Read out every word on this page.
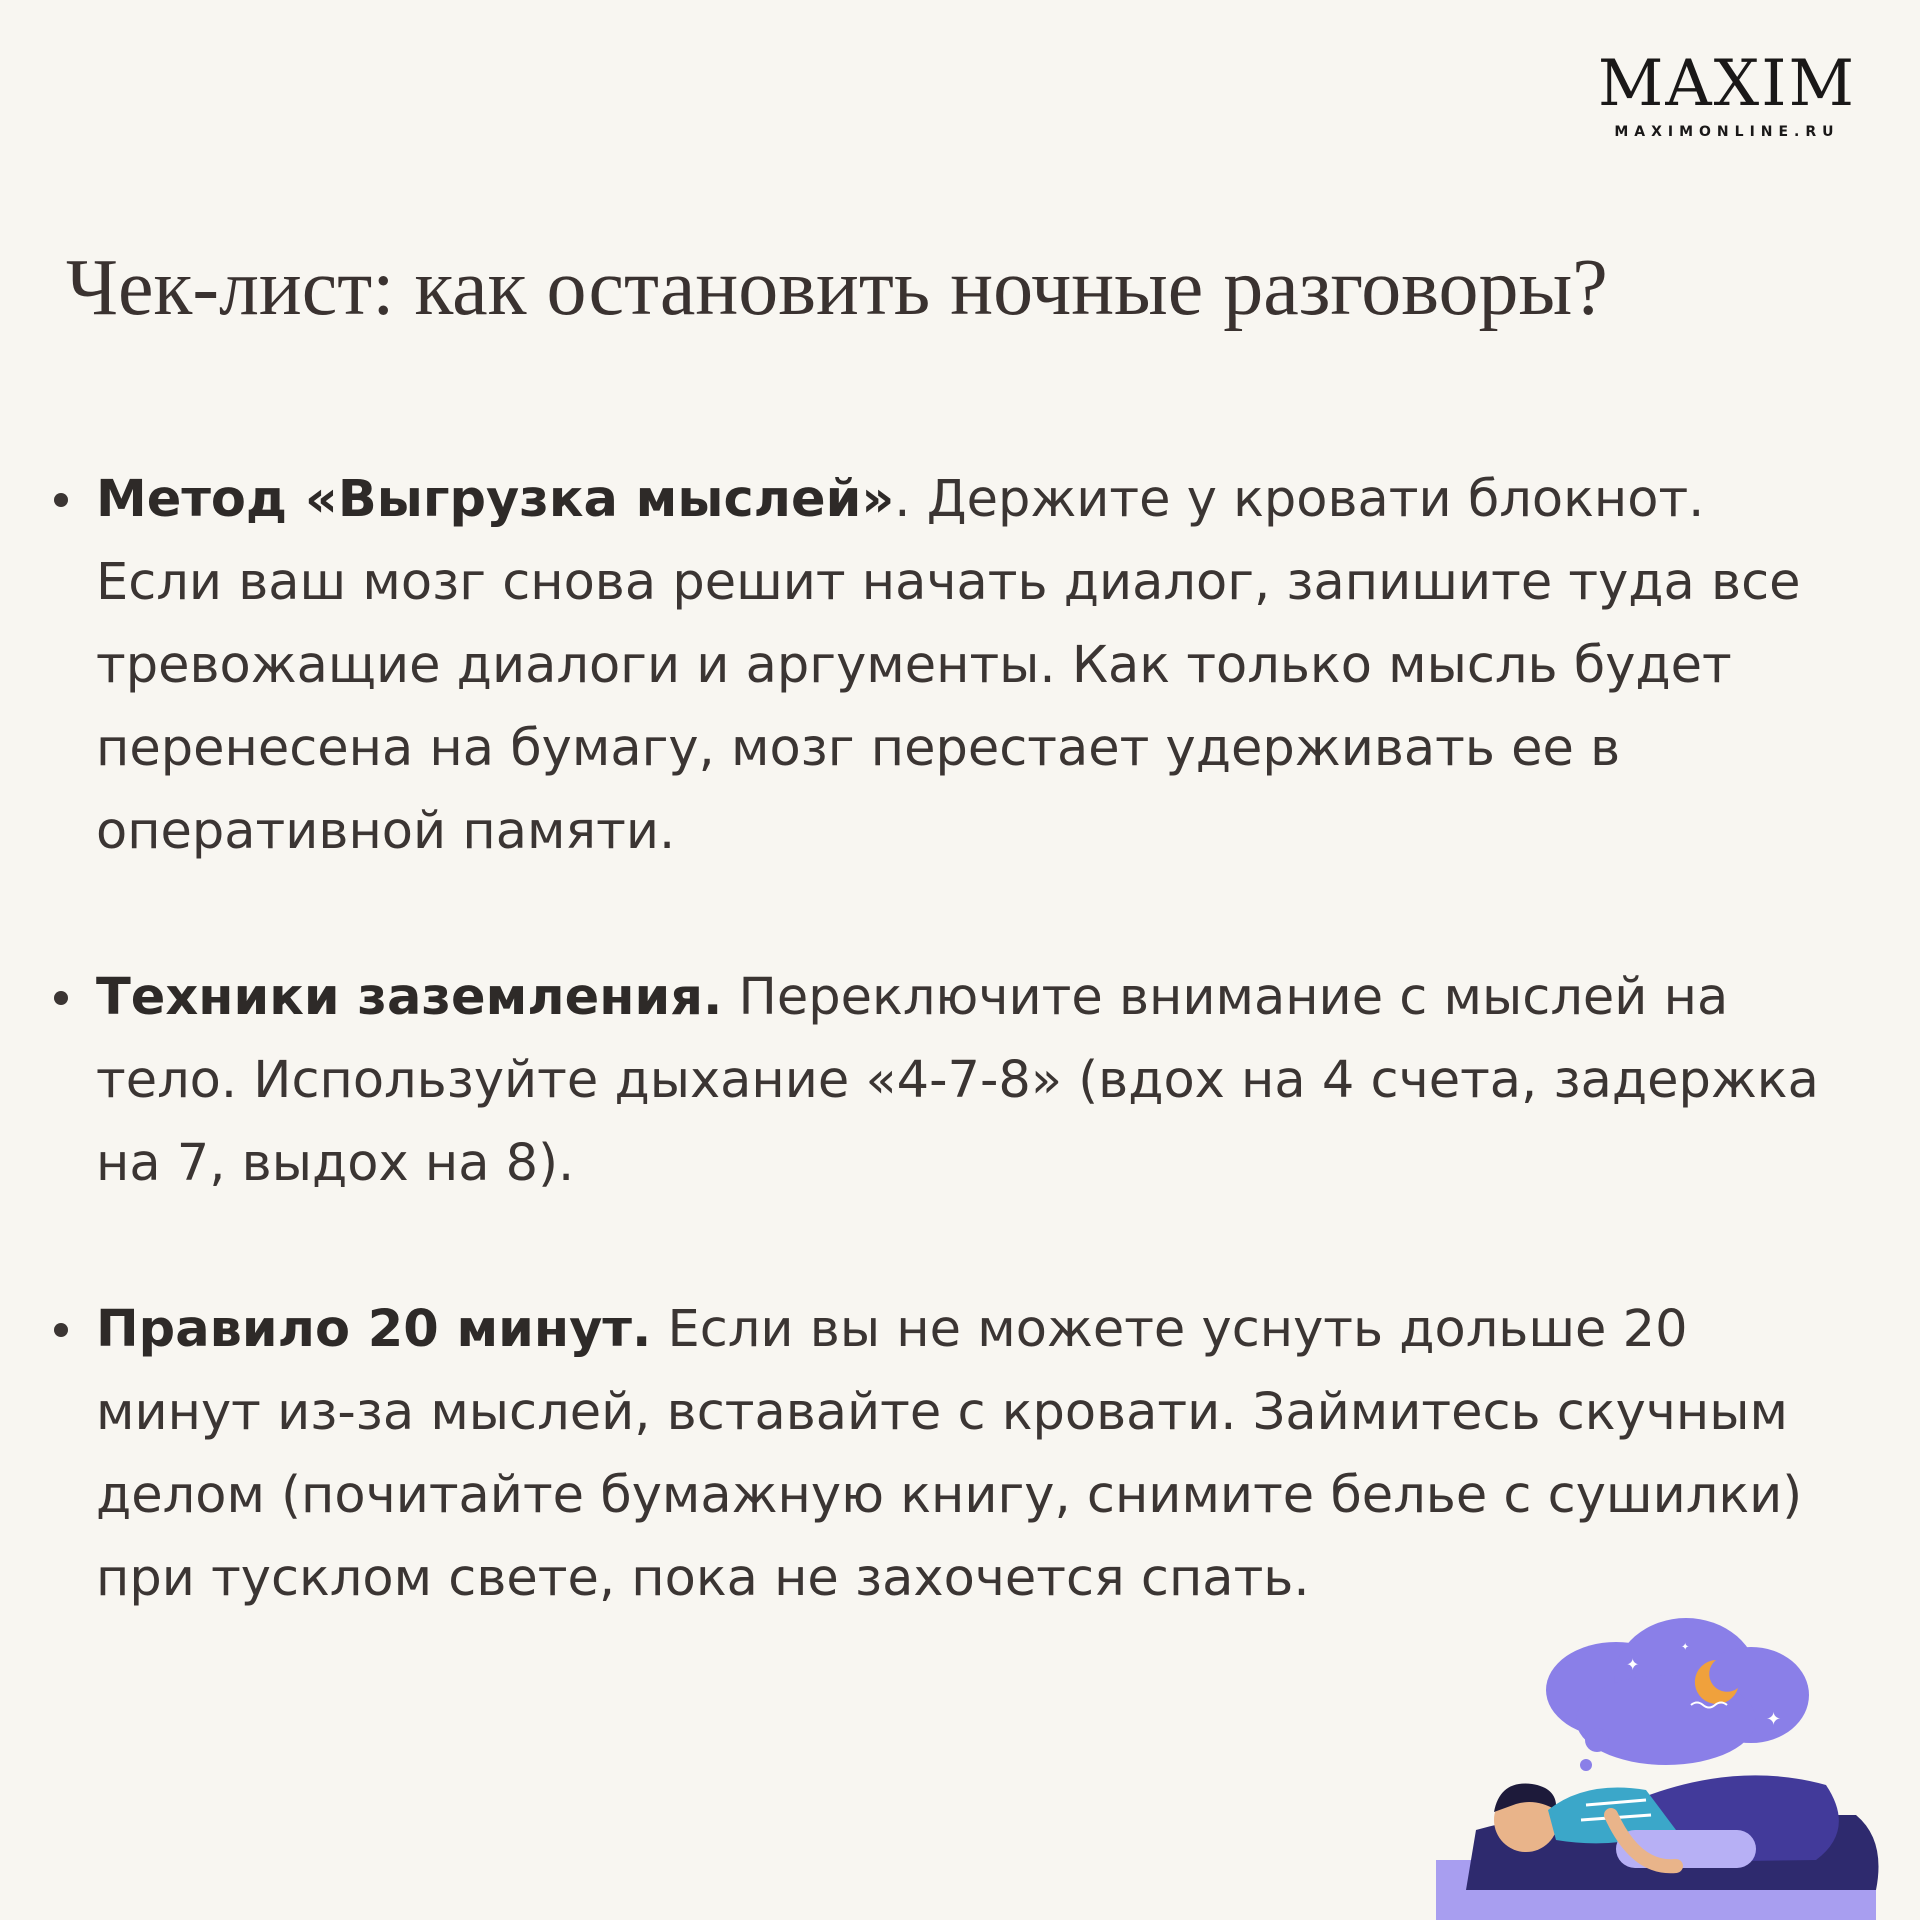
MAXIM
MAXIMONLINE.RU
Чек-лист: как остановить ночные разговоры?
Метод «Выгрузка мыслей». Держите у кровати блокнот. Если ваш мозг снова решит начать диалог, запишите туда все тревожащие диалоги и аргументы. Как только мысль будет перенесена на бумагу, мозг перестает удерживать ее в оперативной памяти.
Техники заземления. Переключите внимание с мыслей на тело. Используйте дыхание «4-7-8» (вдох на 4 счета, задержка на 7, выдох на 8).
Правило 20 минут. Если вы не можете уснуть дольше 20 минут из-за мыслей, вставайте с кровати. Займитесь скучным делом (почитайте бумажную книгу, снимите белье с сушилки) при тусклом свете, пока не захочется спать.
✦
✦
✦
